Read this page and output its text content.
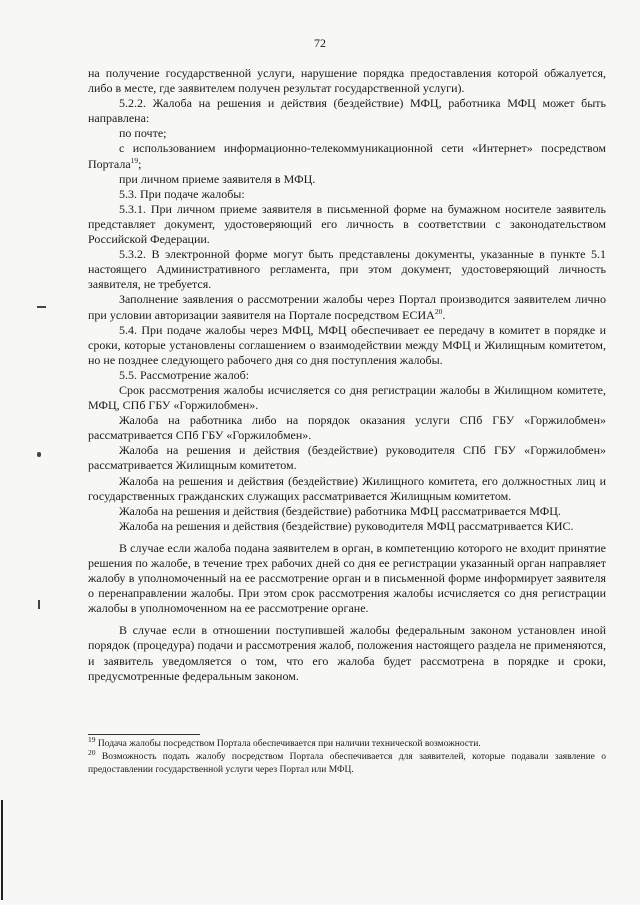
72

на получение государственной услуги, нарушение порядка предоставления которой обжалуется, либо в месте, где заявителем получен результат государственной услуги).

5.2.2. Жалоба на решения и действия (бездействие) МФЦ, работника МФЦ может быть направлена:

по почте;

с использованием информационно-телекоммуникационной сети «Интернет» посредством Портала$^{19}$;

при личном приеме заявителя в МФЦ.

5.3. При подаче жалобы:

5.3.1. При личном приеме заявителя в письменной форме на бумажном носителе заявитель представляет документ, удостоверяющий его личность в соответствии с законодательством Российской Федерации.

5.3.2. В электронной форме могут быть представлены документы, указанные в пункте 5.1 настоящего Административного регламента, при этом документ, удостоверяющий личность заявителя, не требуется.

Заполнение заявления о рассмотрении жалобы через Портал производится заявителем лично при условии авторизации заявителя на Портале посредством ЕСИА$^{20}$.

5.4. При подаче жалобы через МФЦ, МФЦ обеспечивает ее передачу в комитет в порядке и сроки, которые установлены соглашением о взаимодействии между МФЦ и Жилищным комитетом, но не позднее следующего рабочего дня со дня поступления жалобы.

5.5. Рассмотрение жалоб:

Срок рассмотрения жалобы исчисляется со дня регистрации жалобы в Жилищном комитете, МФЦ, СПб ГБУ «Горжилобмен».

Жалоба на работника либо на порядок оказания услуги СПб ГБУ «Горжилобмен» рассматривается СПб ГБУ «Горжилобмен».

Жалоба на решения и действия (бездействие) руководителя СПб ГБУ «Горжилобмен» рассматривается Жилищным комитетом.

Жалоба на решения и действия (бездействие) Жилищного комитета, его должностных лиц и государственных гражданских служащих рассматривается Жилищным комитетом.

Жалоба на решения и действия (бездействие) работника МФЦ рассматривается МФЦ.

Жалоба на решения и действия (бездействие) руководителя МФЦ рассматривается КИС.

В случае если жалоба подана заявителем в орган, в компетенцию которого не входит принятие решения по жалобе, в течение трех рабочих дней со дня ее регистрации указанный орган направляет жалобу в уполномоченный на ее рассмотрение орган и в письменной форме информирует заявителя о перенаправлении жалобы. При этом срок рассмотрения жалобы исчисляется со дня регистрации жалобы в уполномоченном на ее рассмотрение органе.

В случае если в отношении поступившей жалобы федеральным законом установлен иной порядок (процедура) подачи и рассмотрения жалоб, положения настоящего раздела не применяются, и заявитель уведомляется о том, что его жалоба будет рассмотрена в порядке и сроки, предусмотренные федеральным законом.

$^{19}$ Подача жалобы посредством Портала обеспечивается при наличии технической возможности.

$^{20}$ Возможность подать жалобу посредством Портала обеспечивается для заявителей, которые подавали заявление о предоставлении государственной услуги через Портал или МФЦ.
